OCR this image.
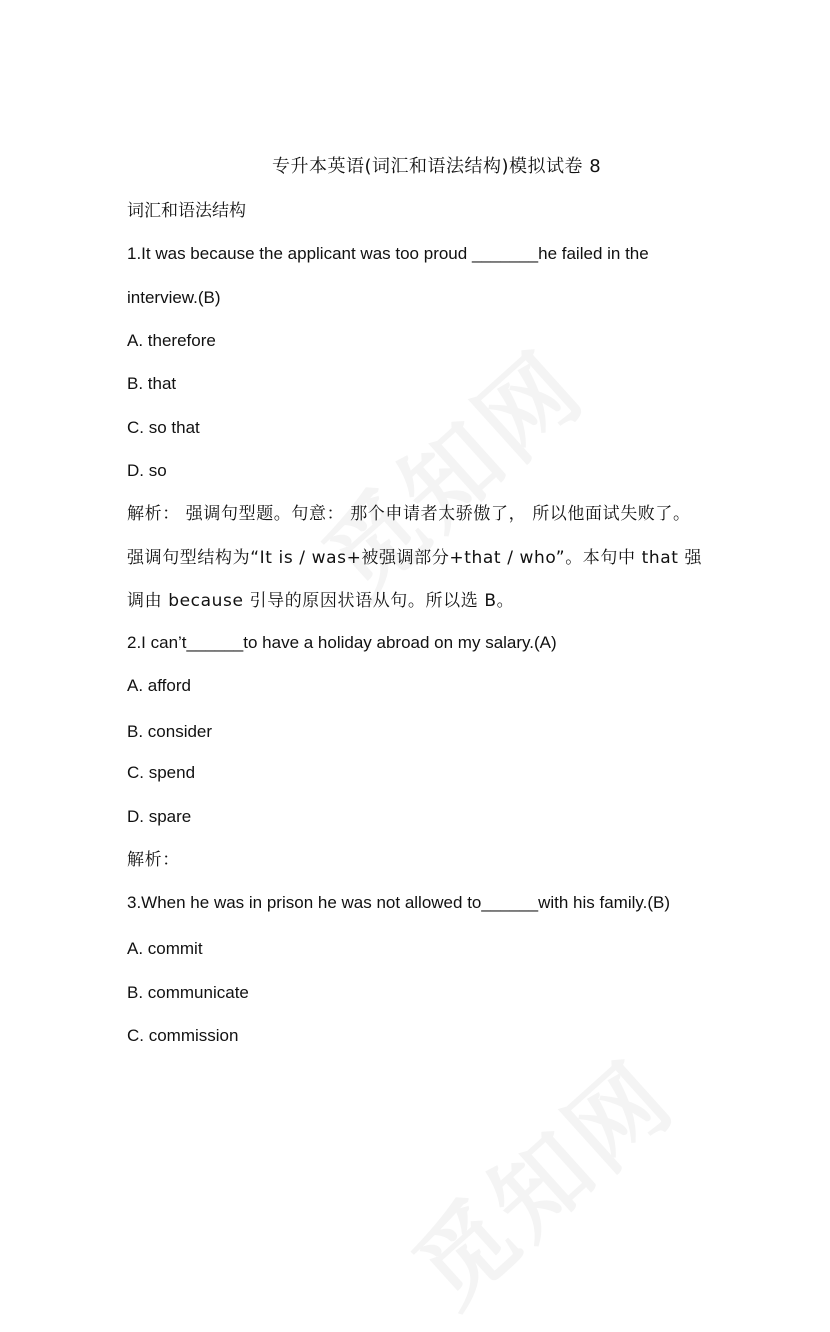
专升本英语(词汇和语法结构)模拟试卷 8
词汇和语法结构
1.It was because the applicant was too proud _______he failed in the
interview.(B)
A. therefore
B. that
C. so that
D. so
解析： 强调句型题。句意： 那个申请者太骄傲了， 所以他面试失败了。
强调句型结构为“It is / was+被强调部分+that / who”。本句中 that 强
调由 because 引导的原因状语从句。所以选 B。
2.I can’t______to have a holiday abroad on my salary.(A)
A. afford
B. consider
C. spend
D. spare
解析：
3.When he was in prison he was not allowed to______with his family.(B)
A. commit
B. communicate
C. commission
